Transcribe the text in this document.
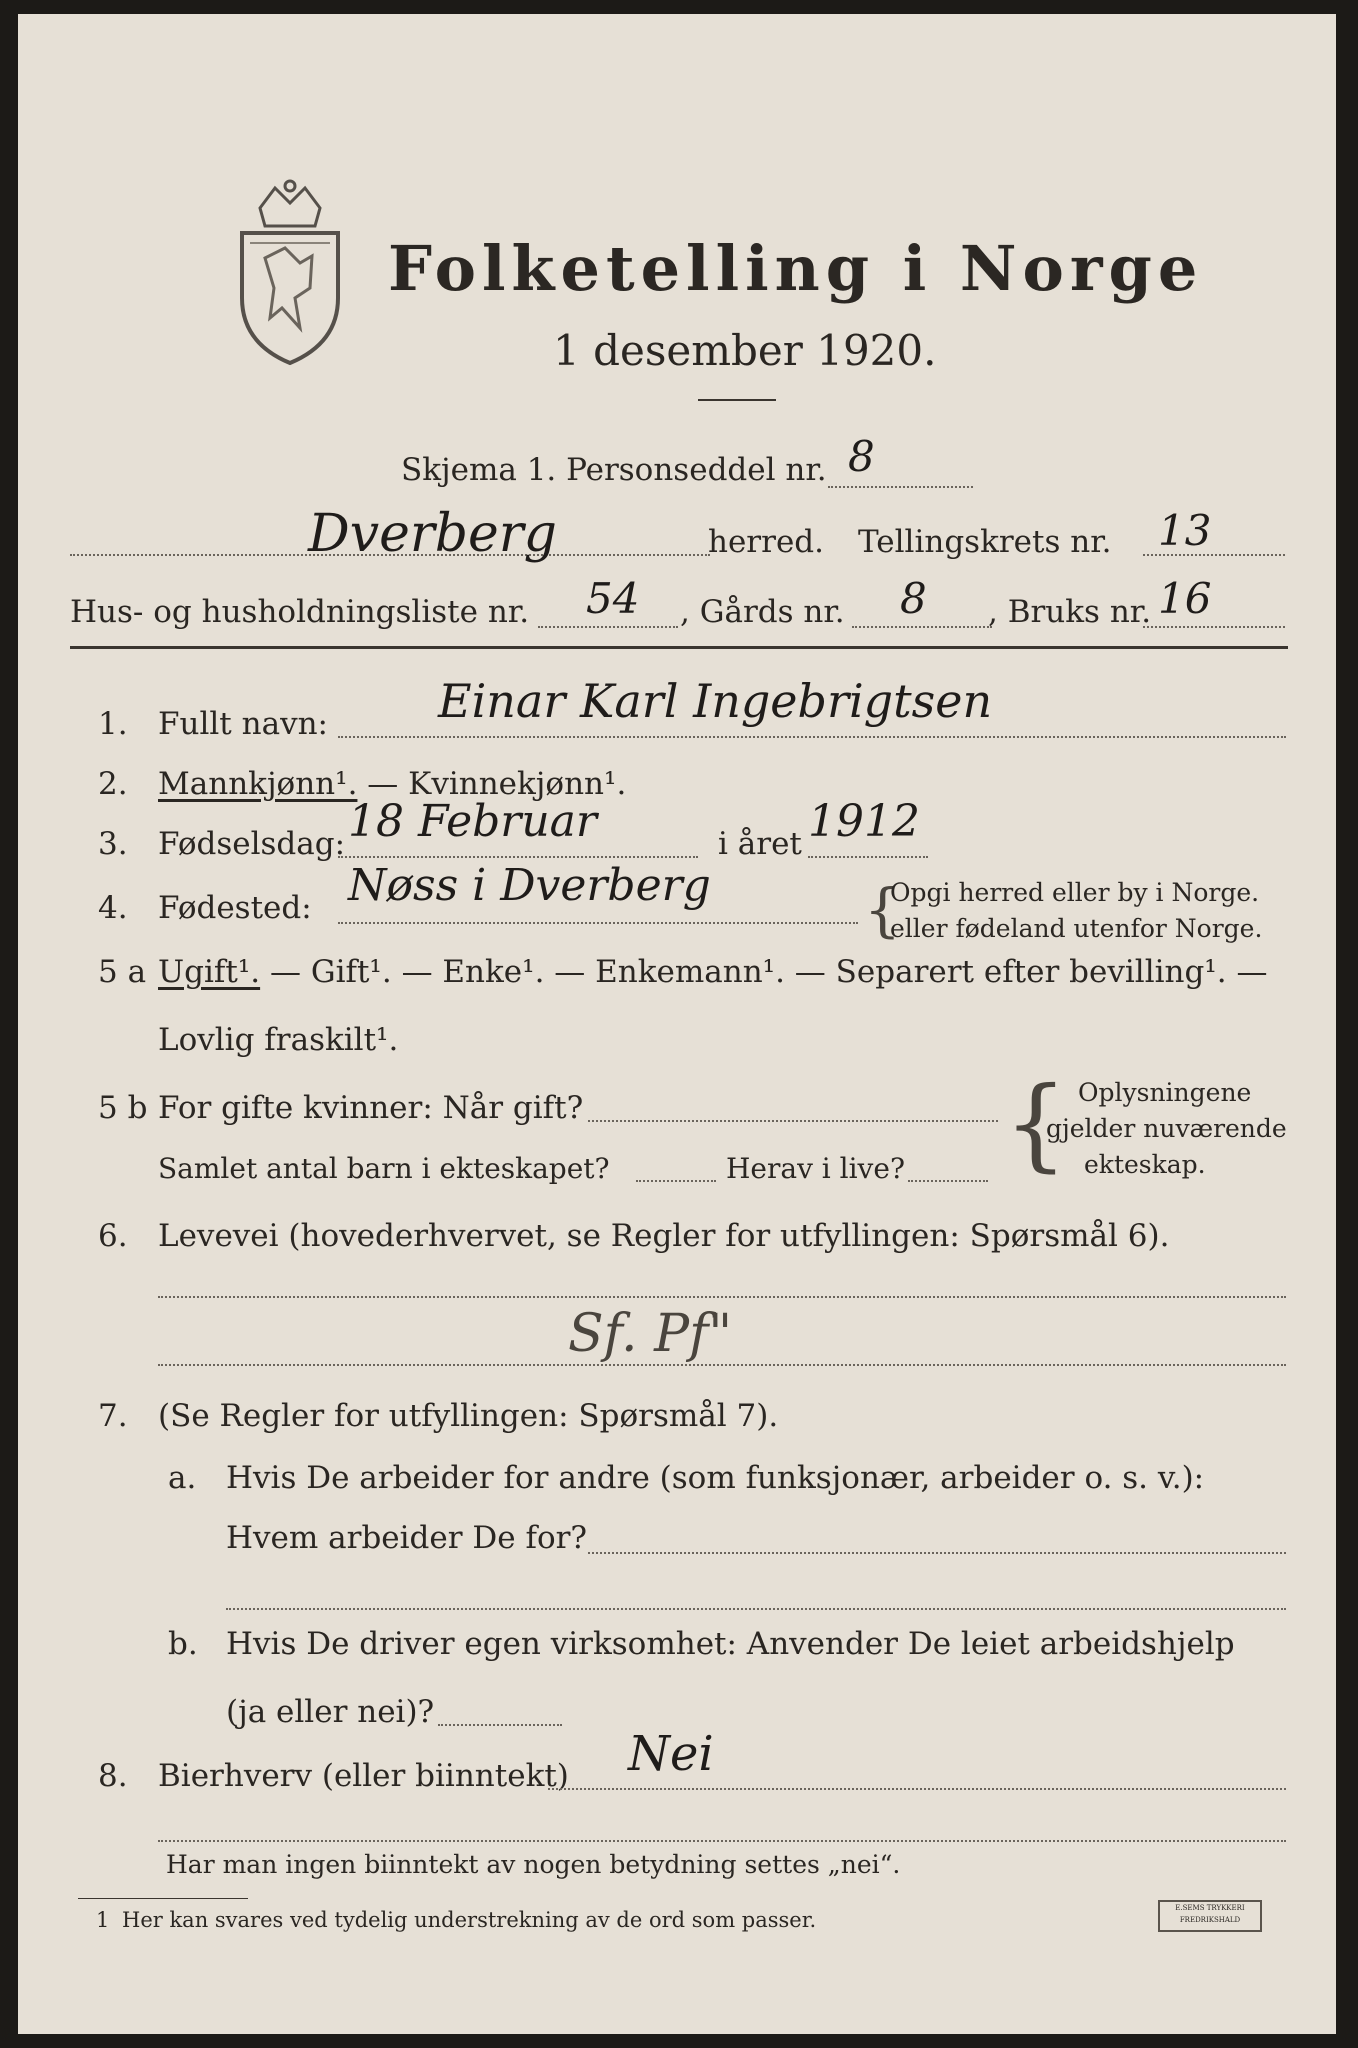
Folketelling i Norge
1 desember 1920.
Skjema 1. Personseddel nr. 8
Dverberg	herred. Tellingskrets nr. 13
Hus- og husholdningsliste nr. 54 , Gårds nr. 8 , Bruks nr. 16
1. Fullt navn: Einar Karl Ingebrigtsen
2. Mannkjønn¹. — Kvinnekjønn¹.
3. Fødselsdag: 18 Februar	i året 1912
4. Fødested: Nøss i Dverberg	{
Opgi herred eller by i Norge.
eller fødeland utenfor Norge.
5 a Ugift¹. — Gift¹. — Enke¹. — Enkemann¹. — Separert efter bevilling¹. —
Lovlig fraskilt¹.
5 b For gifte kvinner: Når gift?
Samlet antal barn i ekteskapet?	Herav i live? { Oplysningene
gjelder nuværende
ekteskap.
6. Levevei (hovederhvervet, se Regler for utfyllingen: Spørsmål 6).
Sf. Pf"
7. (Se Regler for utfyllingen: Spørsmål 7).
a. Hvis De arbeider for andre (som funksjonær, arbeider o. s. v.):
Hvem arbeider De for?
b. Hvis De driver egen virksomhet: Anvender De leiet arbeidshjelp
(ja eller nei)?
8. Bierhverv (eller biinntekt) Nei
Har man ingen biinntekt av nogen betydning settes „nei“.
1 Her kan svares ved tydelig understrekning av de ord som passer.	E.SEMS TRYKKERI FREDRIKSHALD
